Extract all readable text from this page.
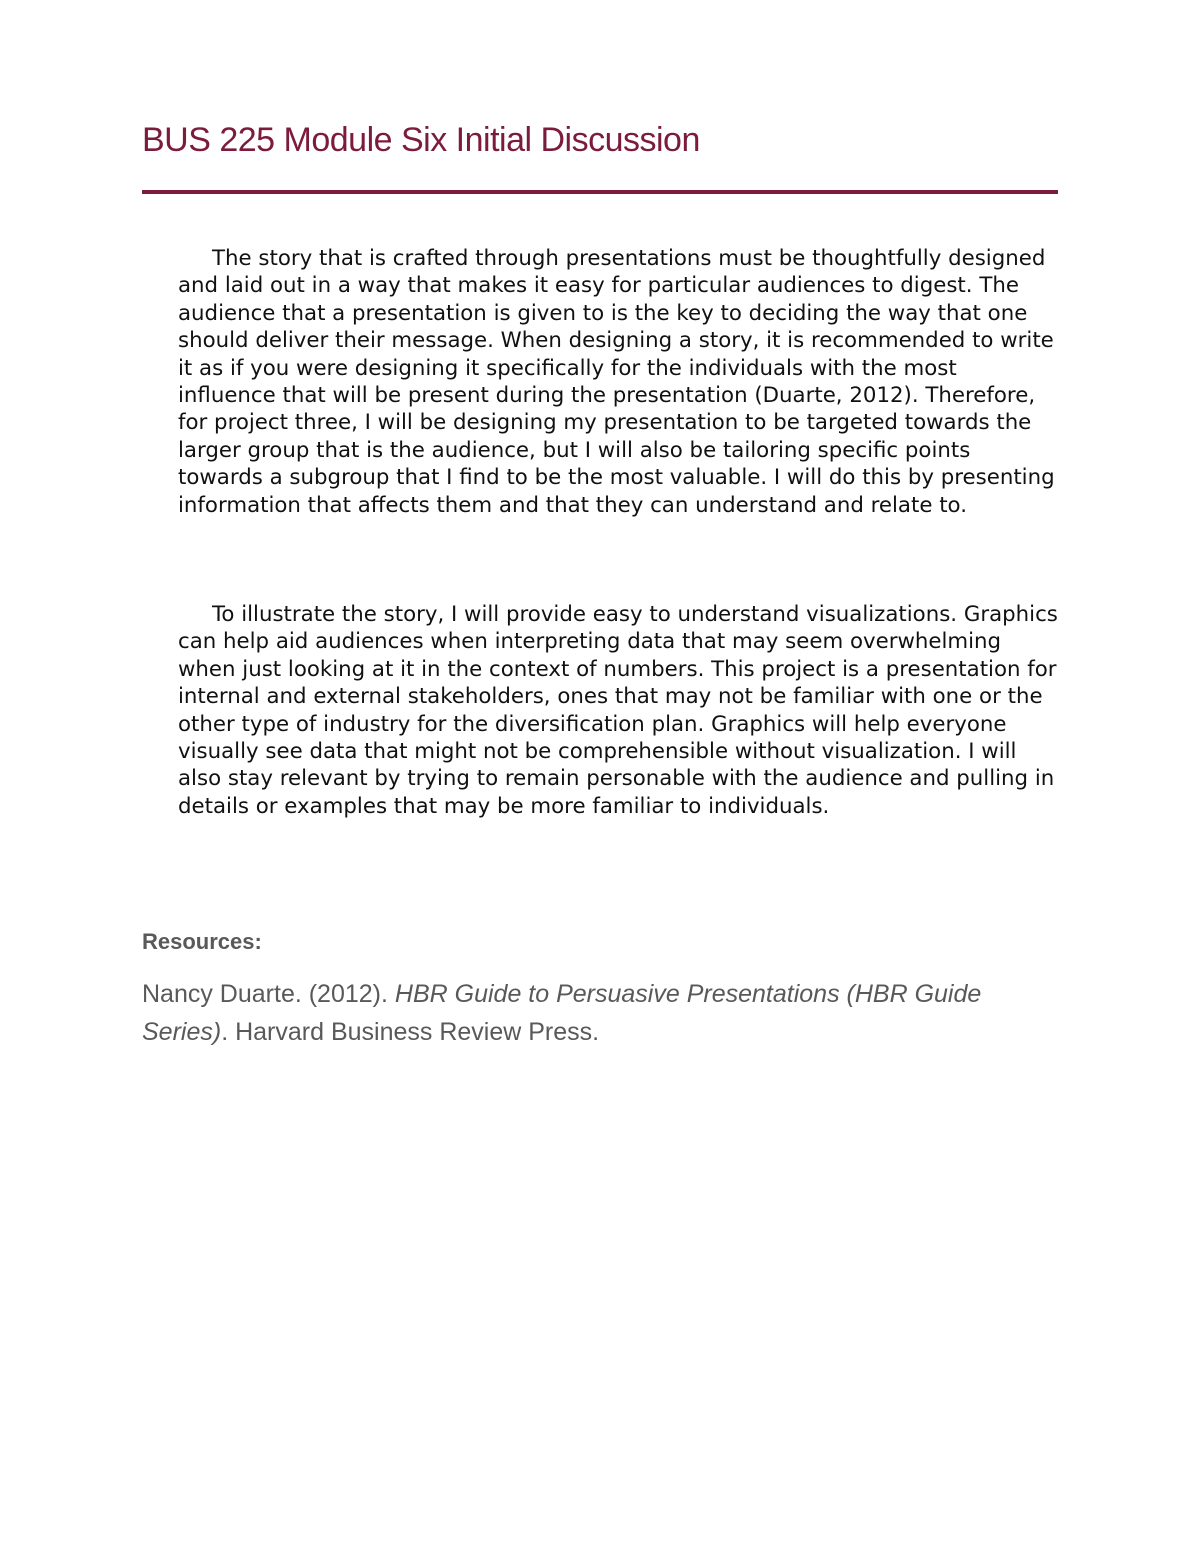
BUS 225 Module Six Initial Discussion

The story that is crafted through presentations must be thoughtfully designed and laid out in a way that makes it easy for particular audiences to digest. The audience that a presentation is given to is the key to deciding the way that one should deliver their message. When designing a story, it is recommended to write it as if you were designing it specifically for the individuals with the most influence that will be present during the presentation (Duarte, 2012). Therefore, for project three, I will be designing my presentation to be targeted towards the larger group that is the audience, but I will also be tailoring specific points towards a subgroup that I find to be the most valuable. I will do this by presenting information that affects them and that they can understand and relate to.

To illustrate the story, I will provide easy to understand visualizations. Graphics can help aid audiences when interpreting data that may seem overwhelming when just looking at it in the context of numbers. This project is a presentation for internal and external stakeholders, ones that may not be familiar with one or the other type of industry for the diversification plan. Graphics will help everyone visually see data that might not be comprehensible without visualization. I will also stay relevant by trying to remain personable with the audience and pulling in details or examples that may be more familiar to individuals.

Resources:

Nancy Duarte. (2012). HBR Guide to Persuasive Presentations (HBR Guide Series). Harvard Business Review Press.
